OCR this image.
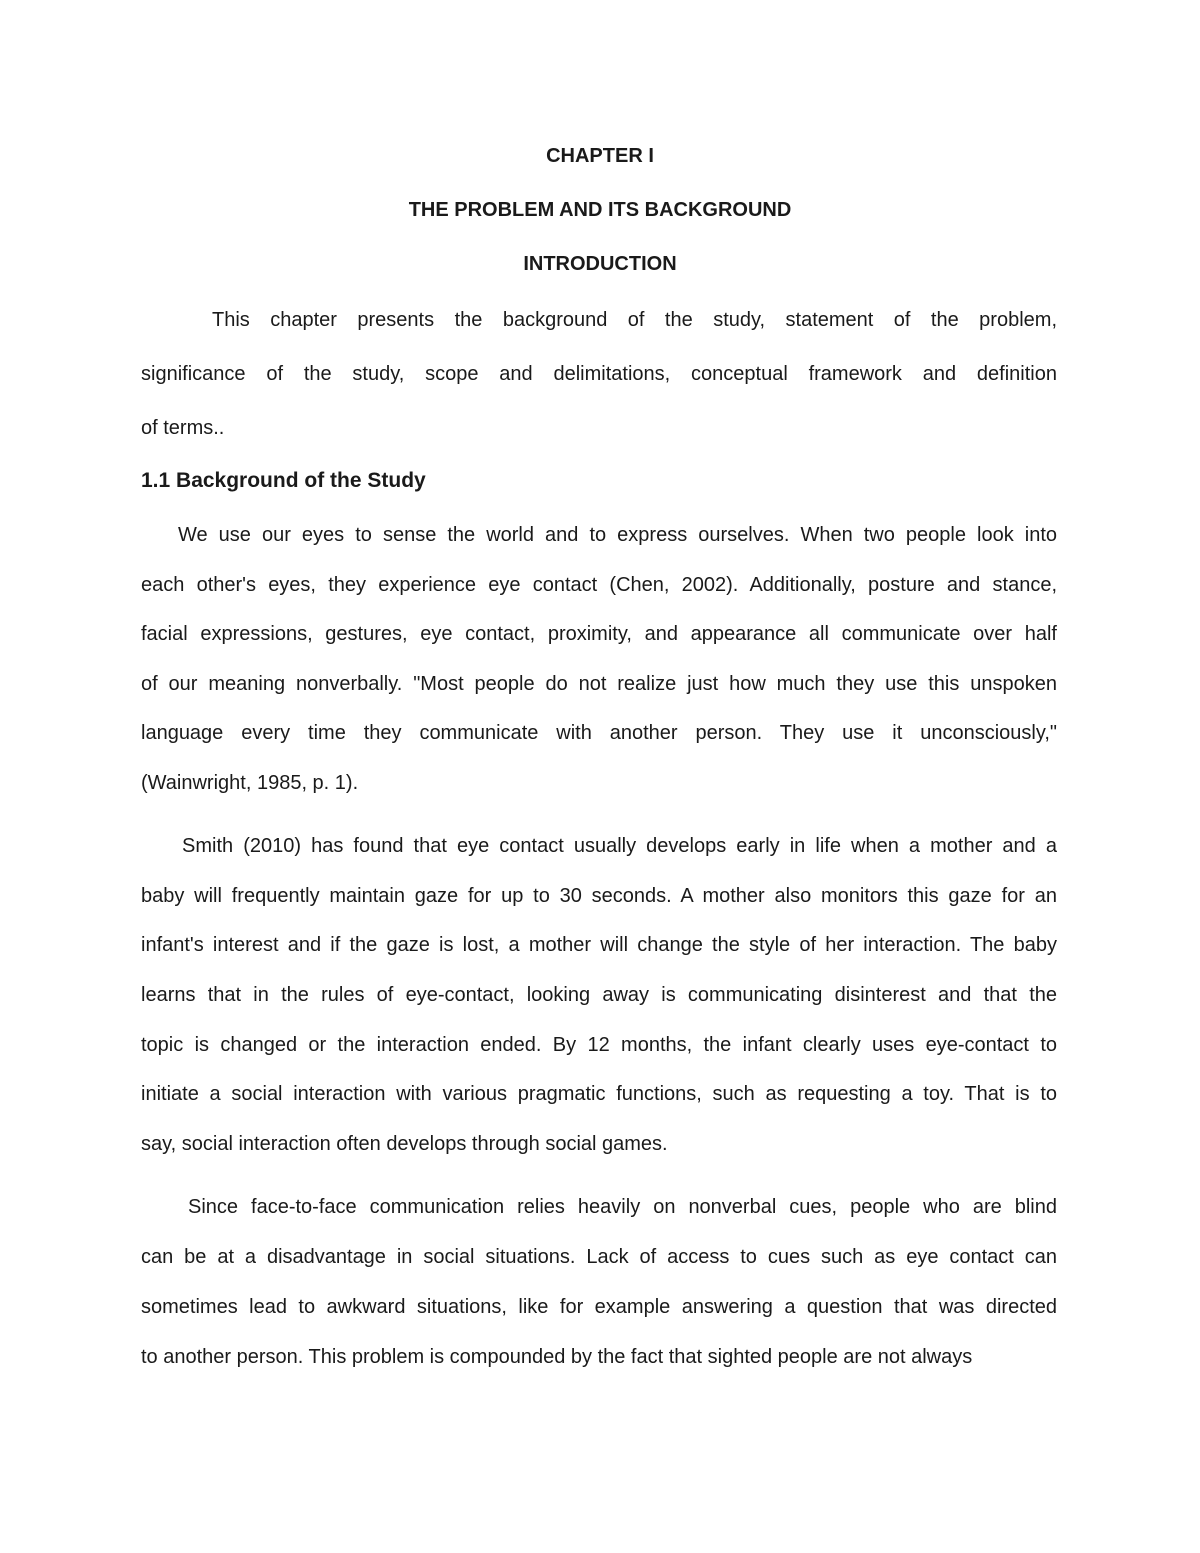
CHAPTER I
THE PROBLEM AND ITS BACKGROUND
INTRODUCTION
This chapter presents the background of the study, statement of the problem,
significance of the study, scope and delimitations, conceptual framework and definition
of terms..
1.1 Background of the Study
We use our eyes to sense the world and to express ourselves. When two people look into
each other's eyes, they experience eye contact (Chen, 2002). Additionally, posture and stance,
facial expressions, gestures, eye contact, proximity, and appearance all communicate over half
of our meaning nonverbally. "Most people do not realize just how much they use this unspoken
language every time they communicate with another person. They use it unconsciously,"
(Wainwright, 1985, p. 1).
Smith (2010) has found that eye contact usually develops early in life when a mother and a
baby will frequently maintain gaze for up to 30 seconds. A mother also monitors this gaze for an
infant's interest and if the gaze is lost, a mother will change the style of her interaction. The baby
learns that in the rules of eye-contact, looking away is communicating disinterest and that the
topic is changed or the interaction ended. By 12 months, the infant clearly uses eye-contact to
initiate a social interaction with various pragmatic functions, such as requesting a toy. That is to
say, social interaction often develops through social games.
Since face-to-face communication relies heavily on nonverbal cues, people who are blind
can be at a disadvantage in social situations. Lack of access to cues such as eye contact can
sometimes lead to awkward situations, like for example answering a question that was directed
to another person. This problem is compounded by the fact that sighted people are not always
